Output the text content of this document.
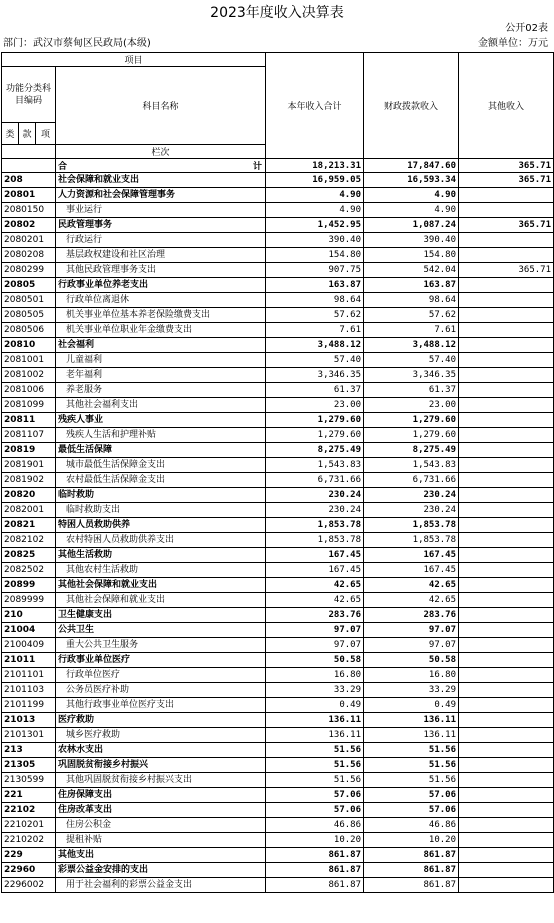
2023年度收入决算表
公开02表
部门：武汉市蔡甸区民政局(本级)	金额单位：万元
项目				本年收入合计	财政拨款收入	其他收入	
功能分类科目编码			科目名称				
类	款	项					
			栏次			
			合 计	18,213.31	17,847.60	365.71	
208			社会保障和就业支出	16,959.05	16,593.34	365.71	
20801			人力资源和社会保障管理事务	4.90	4.90		
2080150			事业运行	4.90	4.90		
20802			民政管理事务	1,452.95	1,087.24	365.71	
2080201			行政运行	390.40	390.40		
2080208			基层政权建设和社区治理	154.80	154.80		
2080299			其他民政管理事务支出	907.75	542.04	365.71	
20805			行政事业单位养老支出	163.87	163.87		
2080501			行政单位离退休	98.64	98.64		
2080505			机关事业单位基本养老保险缴费支出	57.62	57.62		
2080506			机关事业单位职业年金缴费支出	7.61	7.61		
20810			社会福利	3,488.12	3,488.12		
2081001			儿童福利	57.40	57.40		
2081002			老年福利	3,346.35	3,346.35		
2081006			养老服务	61.37	61.37		
2081099			其他社会福利支出	23.00	23.00		
20811			残疾人事业	1,279.60	1,279.60		
2081107			残疾人生活和护理补贴	1,279.60	1,279.60		
20819			最低生活保障	8,275.49	8,275.49		
2081901			城市最低生活保障金支出	1,543.83	1,543.83		
2081902			农村最低生活保障金支出	6,731.66	6,731.66		
20820			临时救助	230.24	230.24		
2082001			临时救助支出	230.24	230.24		
20821			特困人员救助供养	1,853.78	1,853.78		
2082102			农村特困人员救助供养支出	1,853.78	1,853.78		
20825			其他生活救助	167.45	167.45		
2082502			其他农村生活救助	167.45	167.45		
20899			其他社会保障和就业支出	42.65	42.65		
2089999			其他社会保障和就业支出	42.65	42.65		
210			卫生健康支出	283.76	283.76		
21004			公共卫生	97.07	97.07		
2100409			重大公共卫生服务	97.07	97.07		
21011			行政事业单位医疗	50.58	50.58		
2101101			行政单位医疗	16.80	16.80		
2101103			公务员医疗补助	33.29	33.29		
2101199			其他行政事业单位医疗支出	0.49	0.49		
21013			医疗救助	136.11	136.11		
2101301			城乡医疗救助	136.11	136.11		
213			农林水支出	51.56	51.56		
21305			巩固脱贫衔接乡村振兴	51.56	51.56		
2130599			其他巩固脱贫衔接乡村振兴支出	51.56	51.56		
221			住房保障支出	57.06	57.06		
22102			住房改革支出	57.06	57.06		
2210201			住房公积金	46.86	46.86		
2210202			提租补贴	10.20	10.20		
229			其他支出	861.87	861.87		
22960			彩票公益金安排的支出	861.87	861.87		
2296002			用于社会福利的彩票公益金支出	861.87	861.87		
